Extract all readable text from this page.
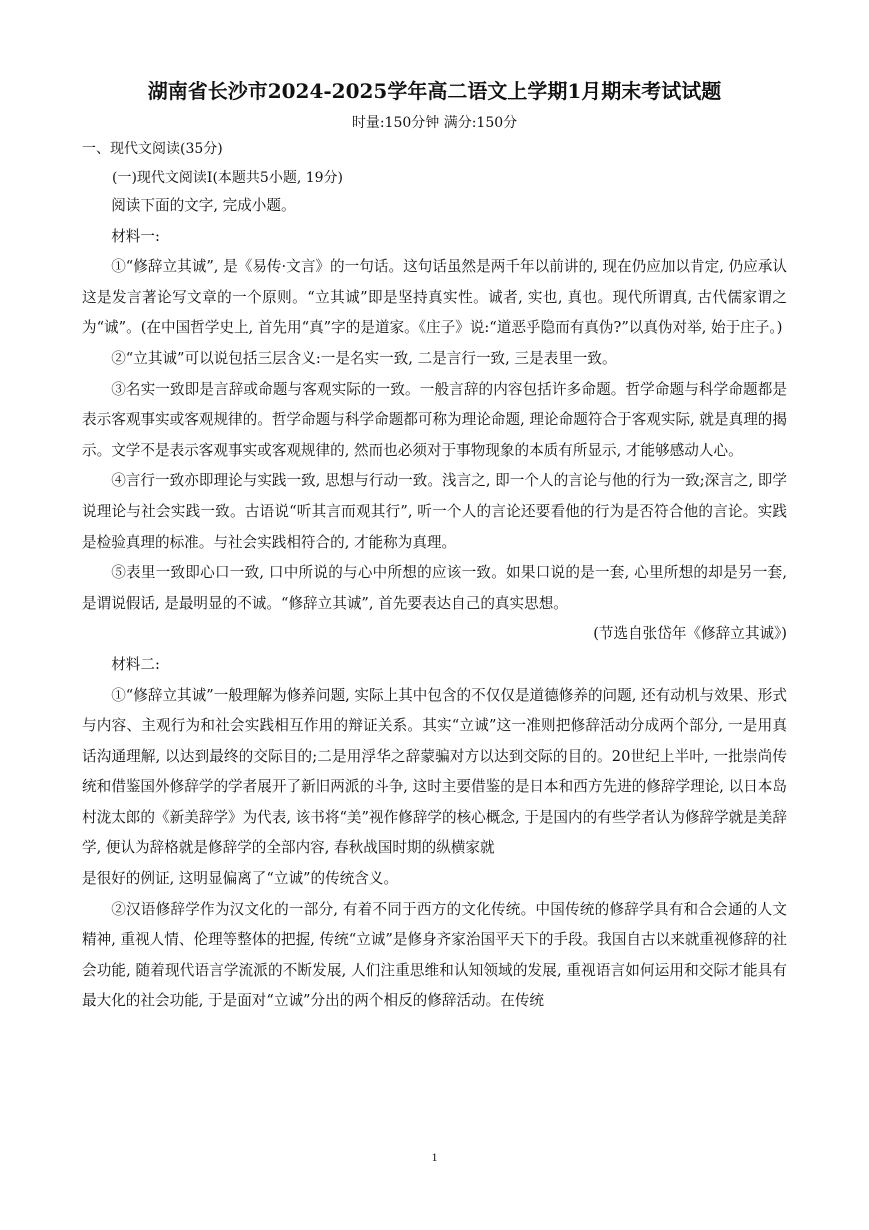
湖南省长沙市2024-2025学年高二语文上学期1月期末考试试题
时量:150分钟 满分:150分
一、现代文阅读(35分)
(一)现代文阅读I(本题共5小题, 19分)
阅读下面的文字, 完成小题。
材料一:

①“修辞立其诚”, 是《易传·文言》的一句话。这句话虽然是两千年以前讲的, 现在仍应加以肯定, 仍应承认这是发言著论写文章的一个原则。“立其诚”即是坚持真实性。诚者, 实也, 真也。现代所谓真, 古代儒家谓之为“诚”。(在中国哲学史上, 首先用“真”字的是道家。《庄子》说:“道恶乎隐而有真伪?”以真伪对举, 始于庄子。)

②“立其诚”可以说包括三层含义:一是名实一致, 二是言行一致, 三是表里一致。

③名实一致即是言辞或命题与客观实际的一致。一般言辞的内容包括许多命题。哲学命题与科学命题都是表示客观事实或客观规律的。哲学命题与科学命题都可称为理论命题, 理论命题符合于客观实际, 就是真理的揭示。文学不是表示客观事实或客观规律的, 然而也必须对于事物现象的本质有所显示, 才能够感动人心。

④言行一致亦即理论与实践一致, 思想与行动一致。浅言之, 即一个人的言论与他的行为一致;深言之, 即学说理论与社会实践一致。古语说“听其言而观其行”, 听一个人的言论还要看他的行为是否符合他的言论。实践是检验真理的标准。与社会实践相符合的, 才能称为真理。

⑤表里一致即心口一致, 口中所说的与心中所想的应该一致。如果口说的是一套, 心里所想的却是另一套, 是谓说假话, 是最明显的不诚。“修辞立其诚”, 首先要表达自己的真实思想。

(节选自张岱年《修辞立其诚》)
材料二:

①“修辞立其诚”一般理解为修养问题, 实际上其中包含的不仅仅是道德修养的问题, 还有动机与效果、形式与内容、主观行为和社会实践相互作用的辩证关系。其实“立诚”这一准则把修辞活动分成两个部分, 一是用真话沟通理解, 以达到最终的交际目的;二是用浮华之辞蒙骗对方以达到交际的目的。20世纪上半叶, 一批崇尚传统和借鉴国外修辞学的学者展开了新旧两派的斗争, 这时主要借鉴的是日本和西方先进的修辞学理论, 以日本岛村泷太郎的《新美辞学》为代表, 该书将“美”视作修辞学的核心概念, 于是国内的有些学者认为修辞学就是美辞学, 便认为辞格就是修辞学的全部内容, 春秋战国时期的纵横家就

是很好的例证, 这明显偏离了“立诚”的传统含义。

②汉语修辞学作为汉文化的一部分, 有着不同于西方的文化传统。中国传统的修辞学具有和合会通的人文精神, 重视人情、伦理等整体的把握, 传统“立诚”是修身齐家治国平天下的手段。我国自古以来就重视修辞的社会功能, 随着现代语言学流派的不断发展, 人们注重思维和认知领域的发展, 重视语言如何运用和交际才能具有最大化的社会功能, 于是面对“立诚”分出的两个相反的修辞活动。在传统

1
